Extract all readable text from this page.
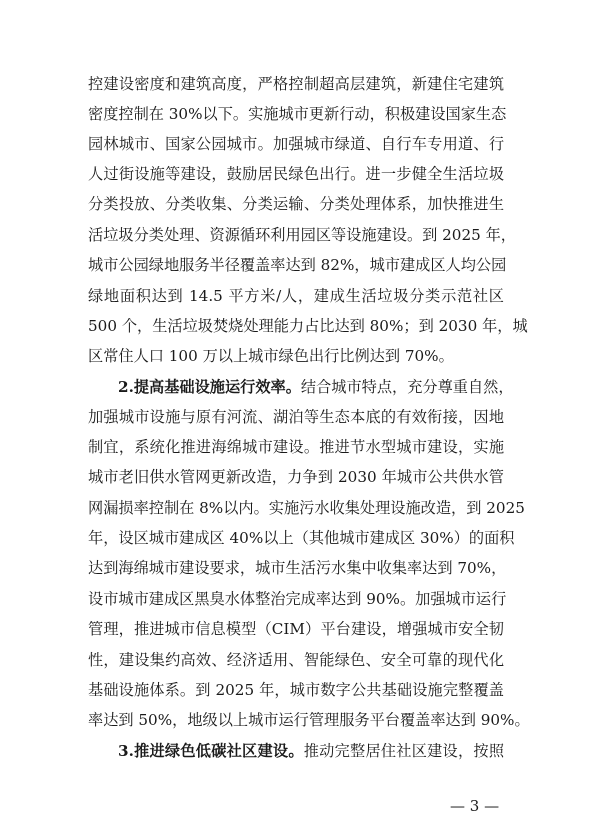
控建设密度和建筑高度，严格控制超高层建筑，新建住宅建筑
密度控制在 30%以下。实施城市更新行动，积极建设国家生态
园林城市、国家公园城市。加强城市绿道、自行车专用道、行
人过街设施等建设，鼓励居民绿色出行。进一步健全生活垃圾
分类投放、分类收集、分类运输、分类处理体系，加快推进生
活垃圾分类处理、资源循环利用园区等设施建设。到 2025 年，
城市公园绿地服务半径覆盖率达到 82%，城市建成区人均公园
绿地面积达到 14.5 平方米/人，建成生活垃圾分类示范社区
500 个，生活垃圾焚烧处理能力占比达到 80%；到 2030 年，城
区常住人口 100 万以上城市绿色出行比例达到 70%。
2.提高基础设施运行效率。结合城市特点，充分尊重自然，
加强城市设施与原有河流、湖泊等生态本底的有效衔接，因地
制宜，系统化推进海绵城市建设。推进节水型城市建设，实施
城市老旧供水管网更新改造，力争到 2030 年城市公共供水管
网漏损率控制在 8%以内。实施污水收集处理设施改造，到 2025
年，设区城市建成区 40%以上（其他城市建成区 30%）的面积
达到海绵城市建设要求，城市生活污水集中收集率达到 70%，
设市城市建成区黑臭水体整治完成率达到 90%。加强城市运行
管理，推进城市信息模型（CIM）平台建设，增强城市安全韧
性，建设集约高效、经济适用、智能绿色、安全可靠的现代化
基础设施体系。到 2025 年，城市数字公共基础设施完整覆盖
率达到 50%，地级以上城市运行管理服务平台覆盖率达到 90%。
3.推进绿色低碳社区建设。推动完整居住社区建设，按照
— 3 —
